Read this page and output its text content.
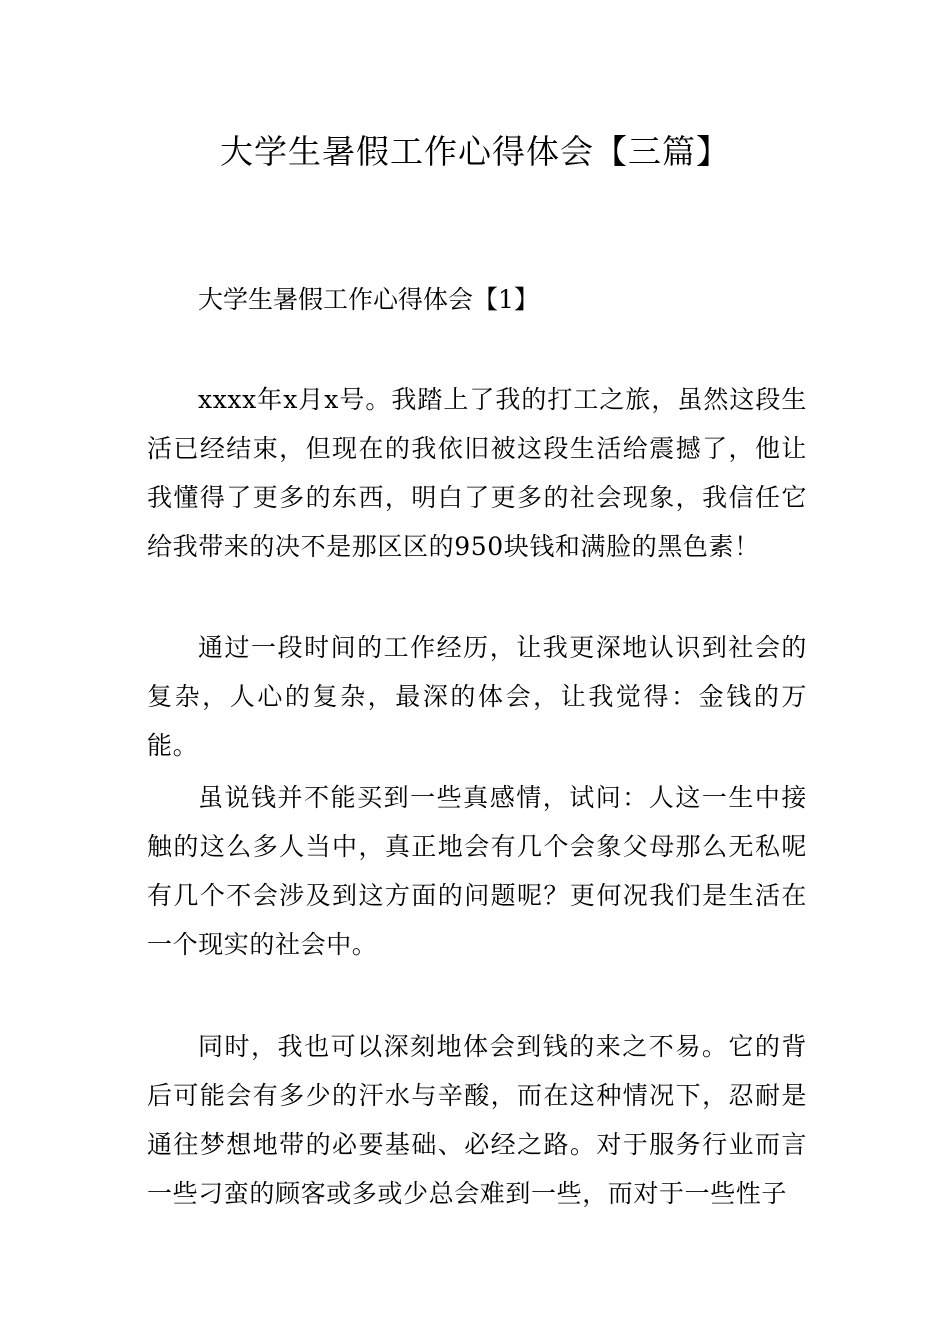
大学生暑假工作心得体会【三篇】

大学生暑假工作心得体会【1】

xxxx年x月x号。我踏上了我的打工之旅，虽然这段生活已经结束，但现在的我依旧被这段生活给震撼了，他让我懂得了更多的东西，明白了更多的社会现象，我信任它给我带来的决不是那区区的950块钱和满脸的黑色素！

通过一段时间的工作经历，让我更深地认识到社会的复杂，人心的复杂，最深的体会，让我觉得：金钱的万能。

虽说钱并不能买到一些真感情，试问：人这一生中接触的这么多人当中，真正地会有几个会象父母那么无私呢有几个不会涉及到这方面的问题呢？更何况我们是生活在一个现实的社会中。

同时，我也可以深刻地体会到钱的来之不易。它的背后可能会有多少的汗水与辛酸，而在这种情况下，忍耐是通往梦想地带的必要基础、必经之路。对于服务行业而言一些刁蛮的顾客或多或少总会难到一些，而对于一些性子
